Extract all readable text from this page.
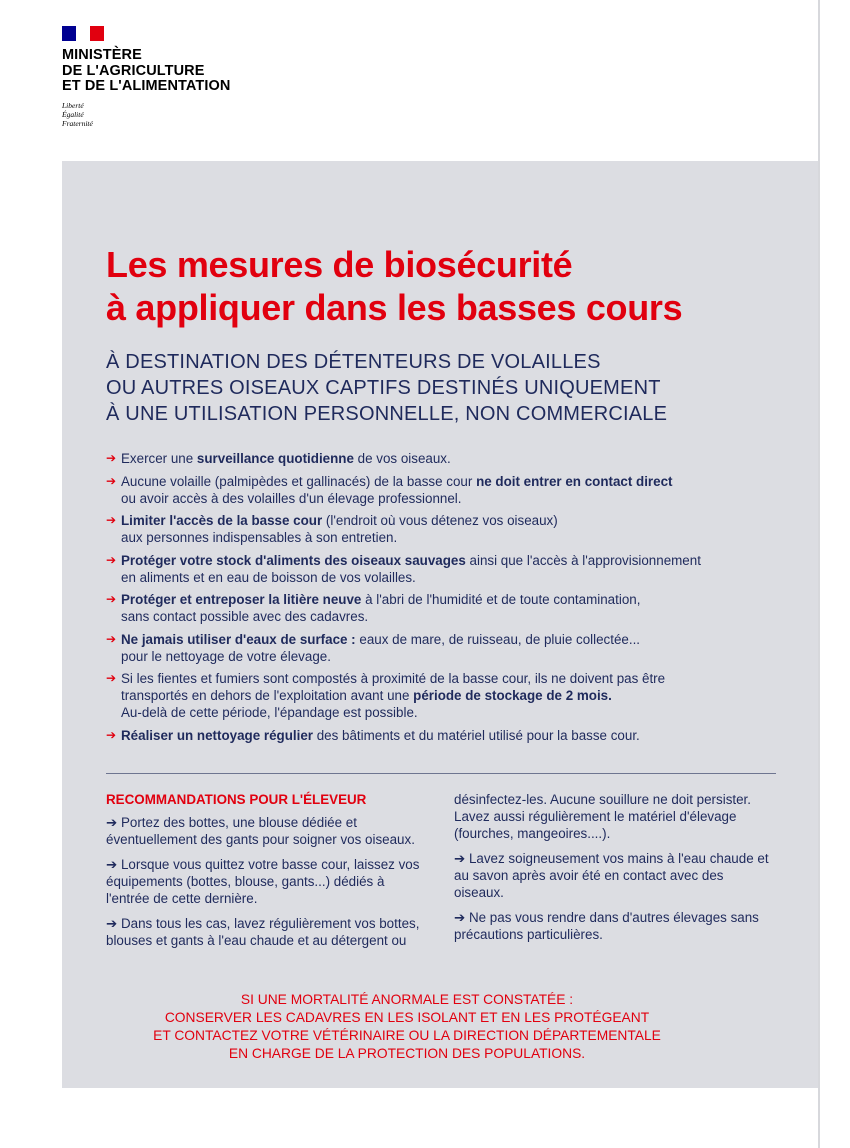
MINISTÈRE
DE L'AGRICULTURE
ET DE L'ALIMENTATION
Liberté
Égalité
Fraternité
Les mesures de biosécurité
à appliquer dans les basses cours
À DESTINATION DES DÉTENTEURS DE VOLAILLES
OU AUTRES OISEAUX CAPTIFS DESTINÉS UNIQUEMENT
À UNE UTILISATION PERSONNELLE, NON COMMERCIALE
➔ Exercer une surveillance quotidienne de vos oiseaux.
➔ Aucune volaille (palmipèdes et gallinacés) de la basse cour ne doit entrer en contact direct
ou avoir accès à des volailles d'un élevage professionnel.
➔ Limiter l'accès de la basse cour (l'endroit où vous détenez vos oiseaux)
aux personnes indispensables à son entretien.
➔ Protéger votre stock d'aliments des oiseaux sauvages ainsi que l'accès à l'approvisionnement
en aliments et en eau de boisson de vos volailles.
➔ Protéger et entreposer la litière neuve à l'abri de l'humidité et de toute contamination,
sans contact possible avec des cadavres.
➔ Ne jamais utiliser d'eaux de surface : eaux de mare, de ruisseau, de pluie collectée...
pour le nettoyage de votre élevage.
➔ Si les fientes et fumiers sont compostés à proximité de la basse cour, ils ne doivent pas être
transportés en dehors de l'exploitation avant une période de stockage de 2 mois.
Au-delà de cette période, l'épandage est possible.
➔ Réaliser un nettoyage régulier des bâtiments et du matériel utilisé pour la basse cour.

RECOMMANDATIONS POUR L'ÉLEVEUR

➔ Portez des bottes, une blouse dédiée et éventuellement des gants pour soigner vos oiseaux.

➔ Lorsque vous quittez votre basse cour, laissez vos équipements (bottes, blouse, gants...) dédiés à l'entrée de cette dernière.

➔ Dans tous les cas, lavez régulièrement vos bottes, blouses et gants à l'eau chaude et au détergent ou désinfectez-les. Aucune souillure ne doit persister. Lavez aussi régulièrement le matériel d'élevage (fourches, mangeoires....).

➔ Lavez soigneusement vos mains à l'eau chaude et au savon après avoir été en contact avec des oiseaux.

➔ Ne pas vous rendre dans d'autres élevages sans précautions particulières.

SI UNE MORTALITÉ ANORMALE EST CONSTATÉE :
CONSERVER LES CADAVRES EN LES ISOLANT ET EN LES PROTÉGEANT
ET CONTACTEZ VOTRE VÉTÉRINAIRE OU LA DIRECTION DÉPARTEMENTALE
EN CHARGE DE LA PROTECTION DES POPULATIONS.
